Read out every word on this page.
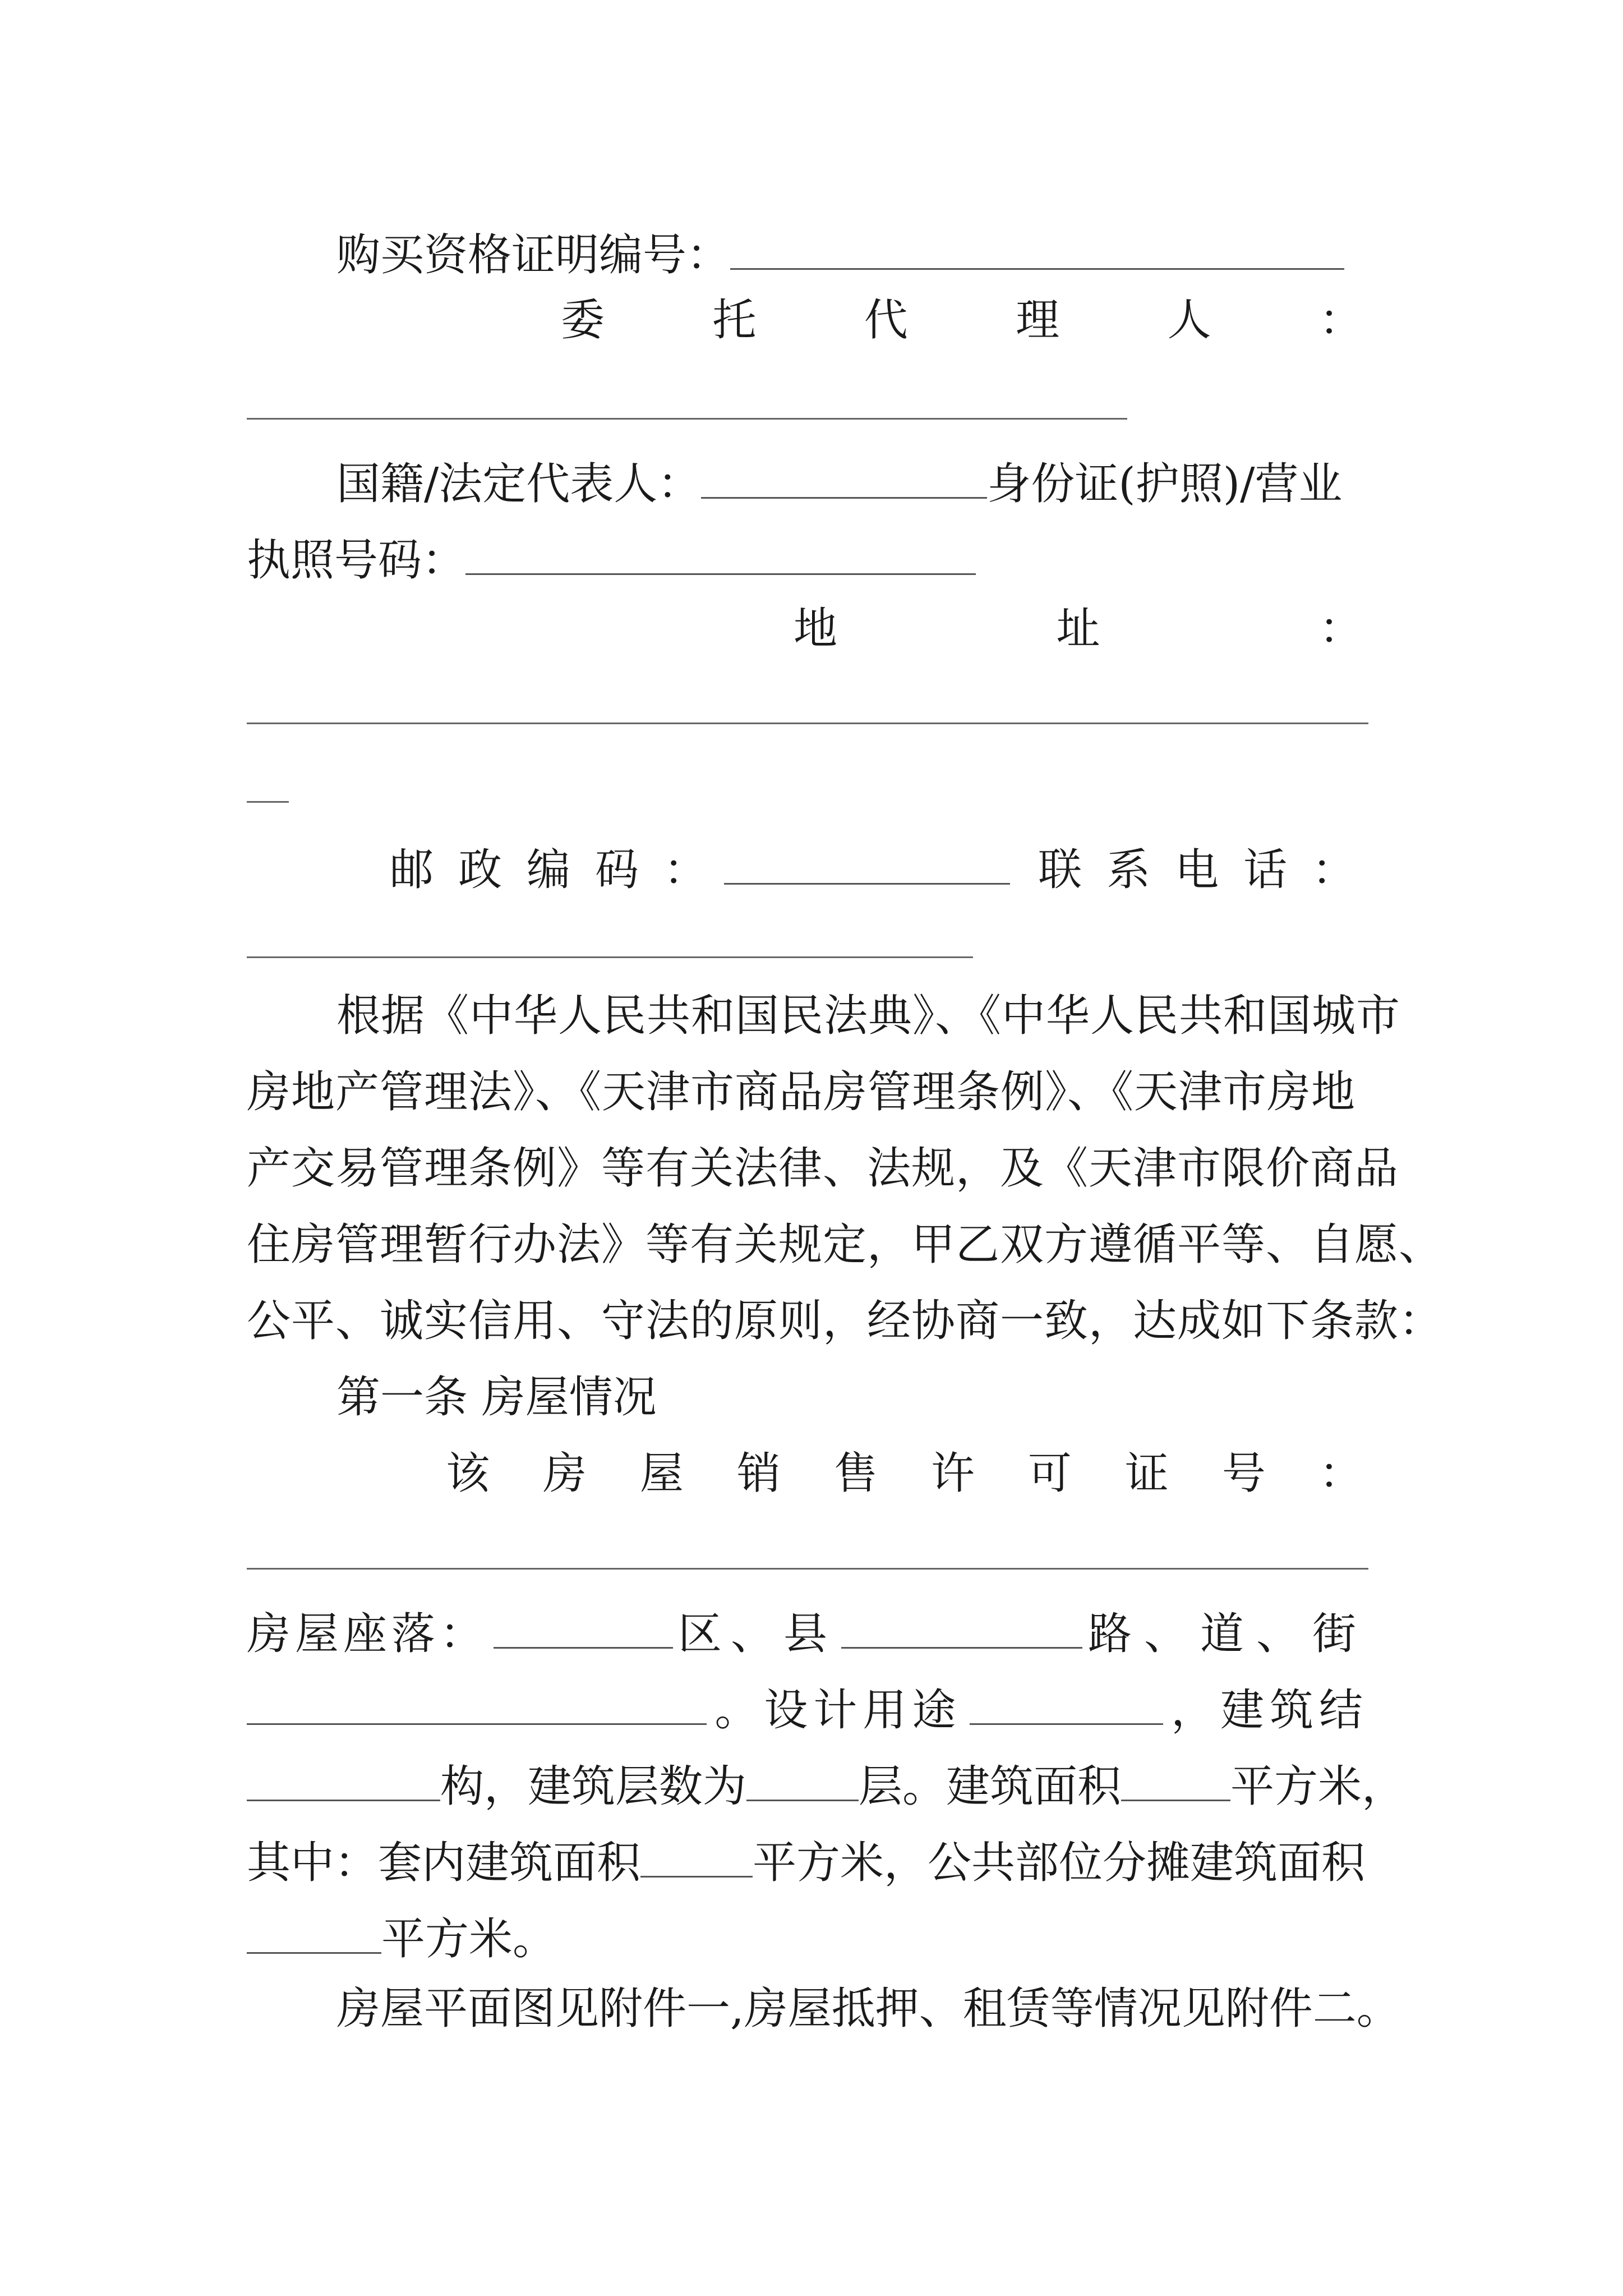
购买资格证明编号：
委 托 代 理 人 ：
国籍/法定代表人：	身份证(护照)/营业
执照号码：
地	址	：
邮 政 编 码 ：	联 系 电 话 ：
根据《中华人民共和国民法典》、《中华人民共和国城市
房地产管理法》、《天津市商品房管理条例》、《天津市房地
产交易管理条例》等有关法律、法规，及《天津市限价商品
住房管理暂行办法》等有关规定，甲乙双方遵循平等、自愿、
公平、诚实信用、守法的原则，经协商一致，达成如下条款：
第一条 房屋情况
该 房 屋 销 售 许 可 证 号 ：
房屋座落：	区、县	路、道、街
。设计用途	，建筑结
构，建筑层数为	层。建筑面积	平方米，
其中：套内建筑面积	平方米，公共部位分摊建筑面积
平方米。
房屋平面图见附件一,房屋抵押、租赁等情况见附件二。
